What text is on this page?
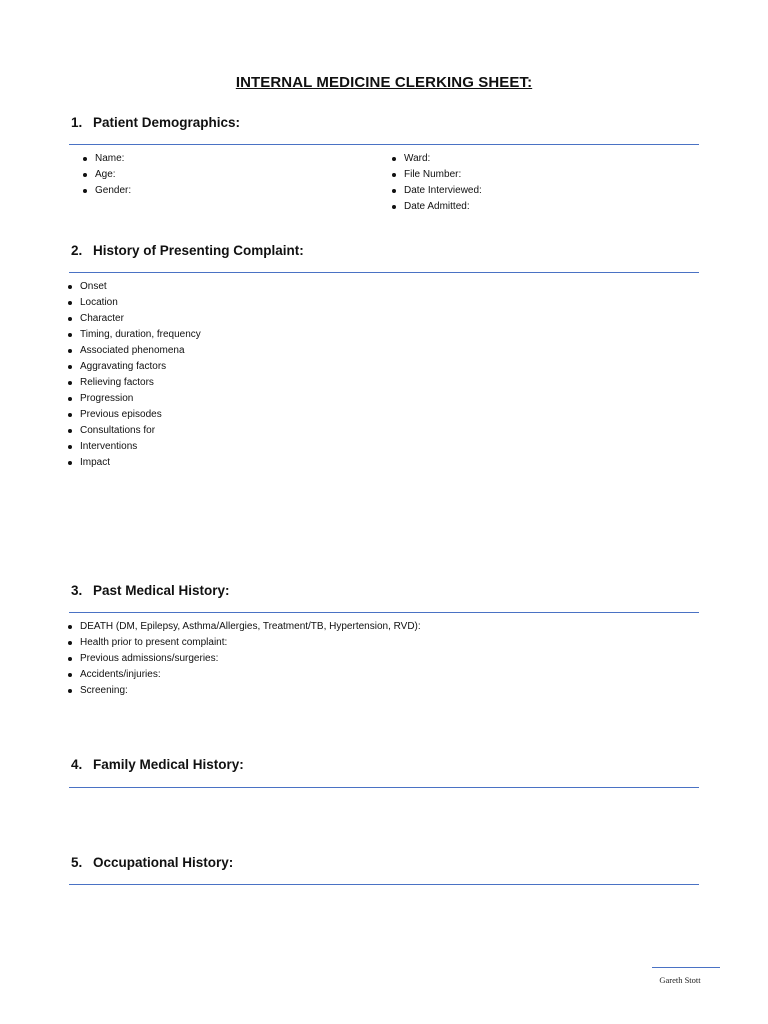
INTERNAL MEDICINE CLERKING SHEET:
1. Patient Demographics:
Name:
Age:
Gender:
Ward:
File Number:
Date Interviewed:
Date Admitted:
2. History of Presenting Complaint:
Onset
Location
Character
Timing, duration, frequency
Associated phenomena
Aggravating factors
Relieving factors
Progression
Previous episodes
Consultations for
Interventions
Impact
3. Past Medical History:
DEATH (DM, Epilepsy, Asthma/Allergies, Treatment/TB, Hypertension, RVD):
Health prior to present complaint:
Previous admissions/surgeries:
Accidents/injuries:
Screening:
4. Family Medical History:
5. Occupational History:
Gareth Stott
